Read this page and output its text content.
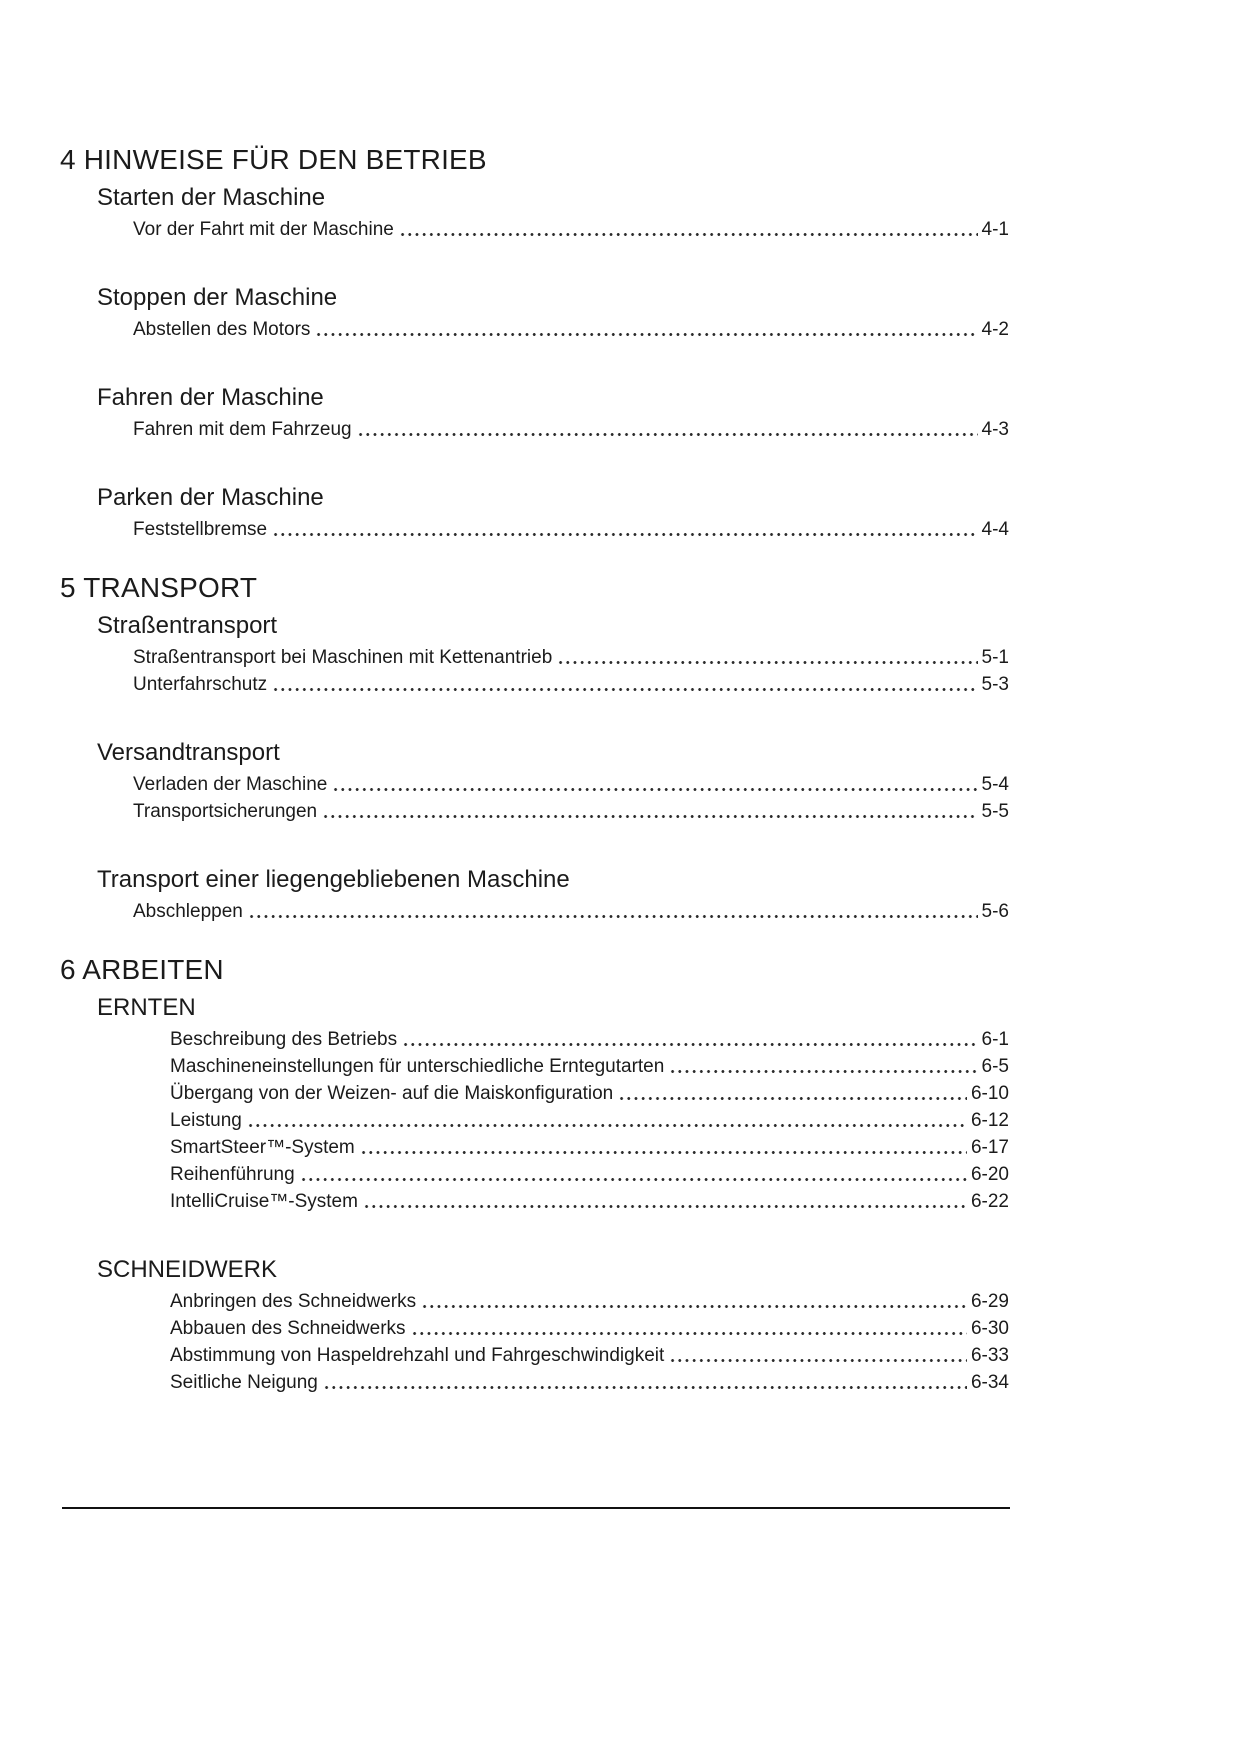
4 HINWEISE FÜR DEN BETRIEB
Starten der Maschine
Vor der Fahrt mit der Maschine	4-1
Stoppen der Maschine
Abstellen des Motors	4-2
Fahren der Maschine
Fahren mit dem Fahrzeug	4-3
Parken der Maschine
Feststellbremse	4-4
5 TRANSPORT
Straßentransport
Straßentransport bei Maschinen mit Kettenantrieb	5-1
Unterfahrschutz	5-3
Versandtransport
Verladen der Maschine	5-4
Transportsicherungen	5-5
Transport einer liegengebliebenen Maschine
Abschleppen	5-6
6 ARBEITEN
ERNTEN
Beschreibung des Betriebs	6-1
Maschineneinstellungen für unterschiedliche Erntegutarten	6-5
Übergang von der Weizen- auf die Maiskonfiguration	6-10
Leistung	6-12
SmartSteer™-System	6-17
Reihenführung	6-20
IntelliCruise™-System	6-22
SCHNEIDWERK
Anbringen des Schneidwerks	6-29
Abbauen des Schneidwerks	6-30
Abstimmung von Haspeldrehzahl und Fahrgeschwindigkeit	6-33
Seitliche Neigung	6-34
